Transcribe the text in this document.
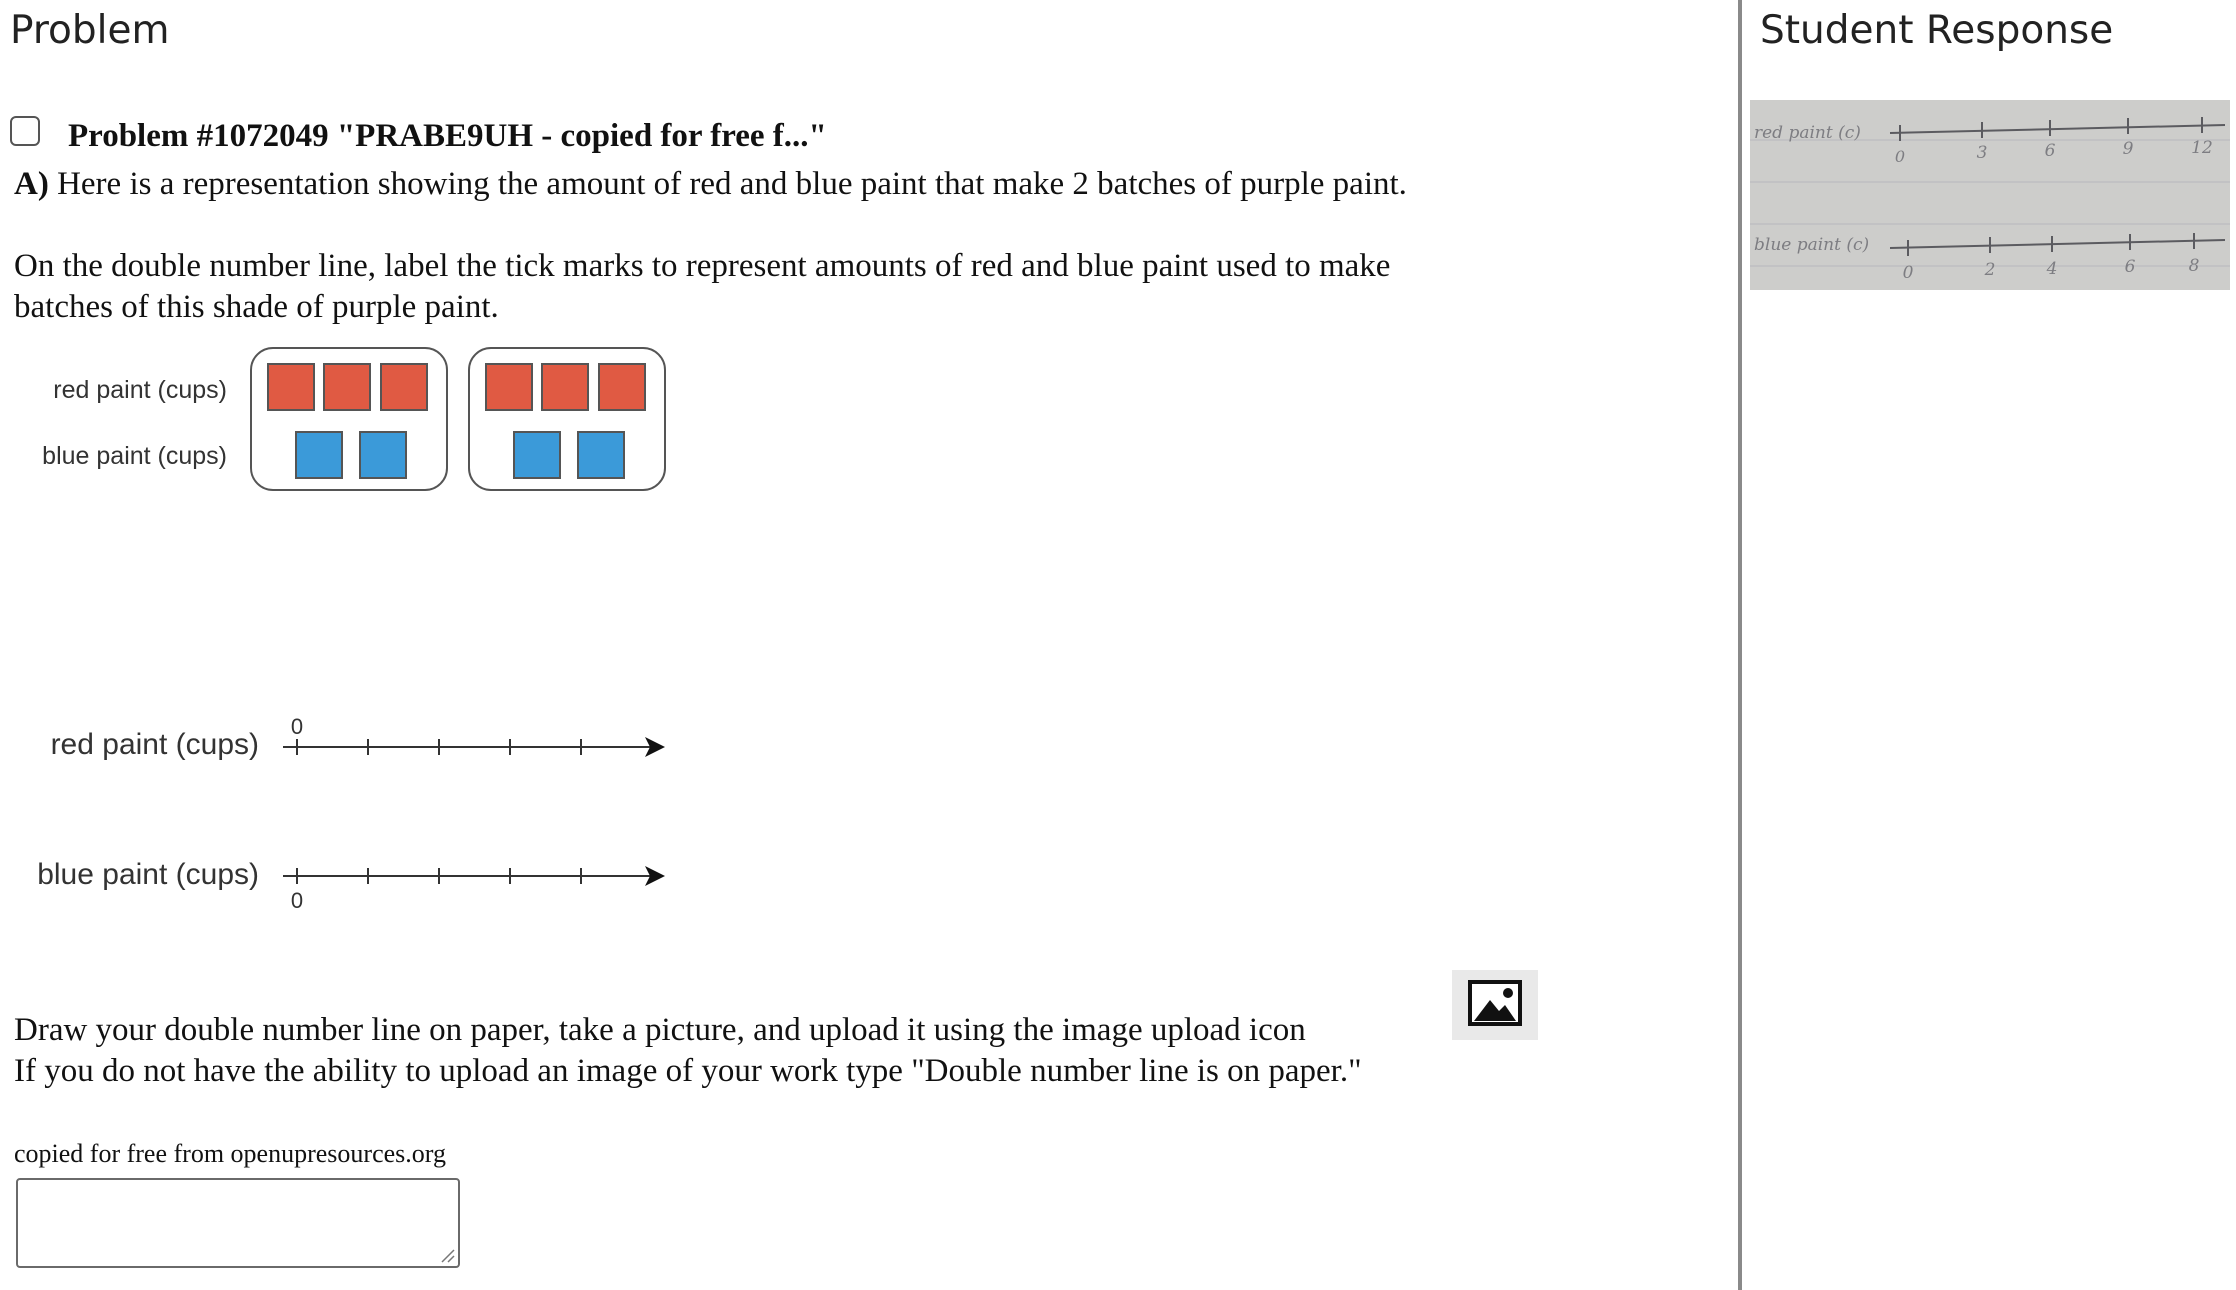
Problem
Problem #1072049 "PRABE9UH - copied for free f..."
A) Here is a representation showing the amount of red and blue paint that make 2 batches of purple paint.
On the double number line, label the tick marks to represent amounts of red and blue paint used to make
batches of this shade of purple paint.
red paint (cups)
blue paint (cups)
red paint (cups)
0
blue paint (cups)
0
Draw your double number line on paper, take a picture, and upload it using the image upload icon
If you do not have the ability to upload an image of your work type "Double number line is on paper."
copied for free from openupresources.org
Student Response
red paint (c)
0	3	6	9	12
blue paint (c)
0	2	4	6	8
